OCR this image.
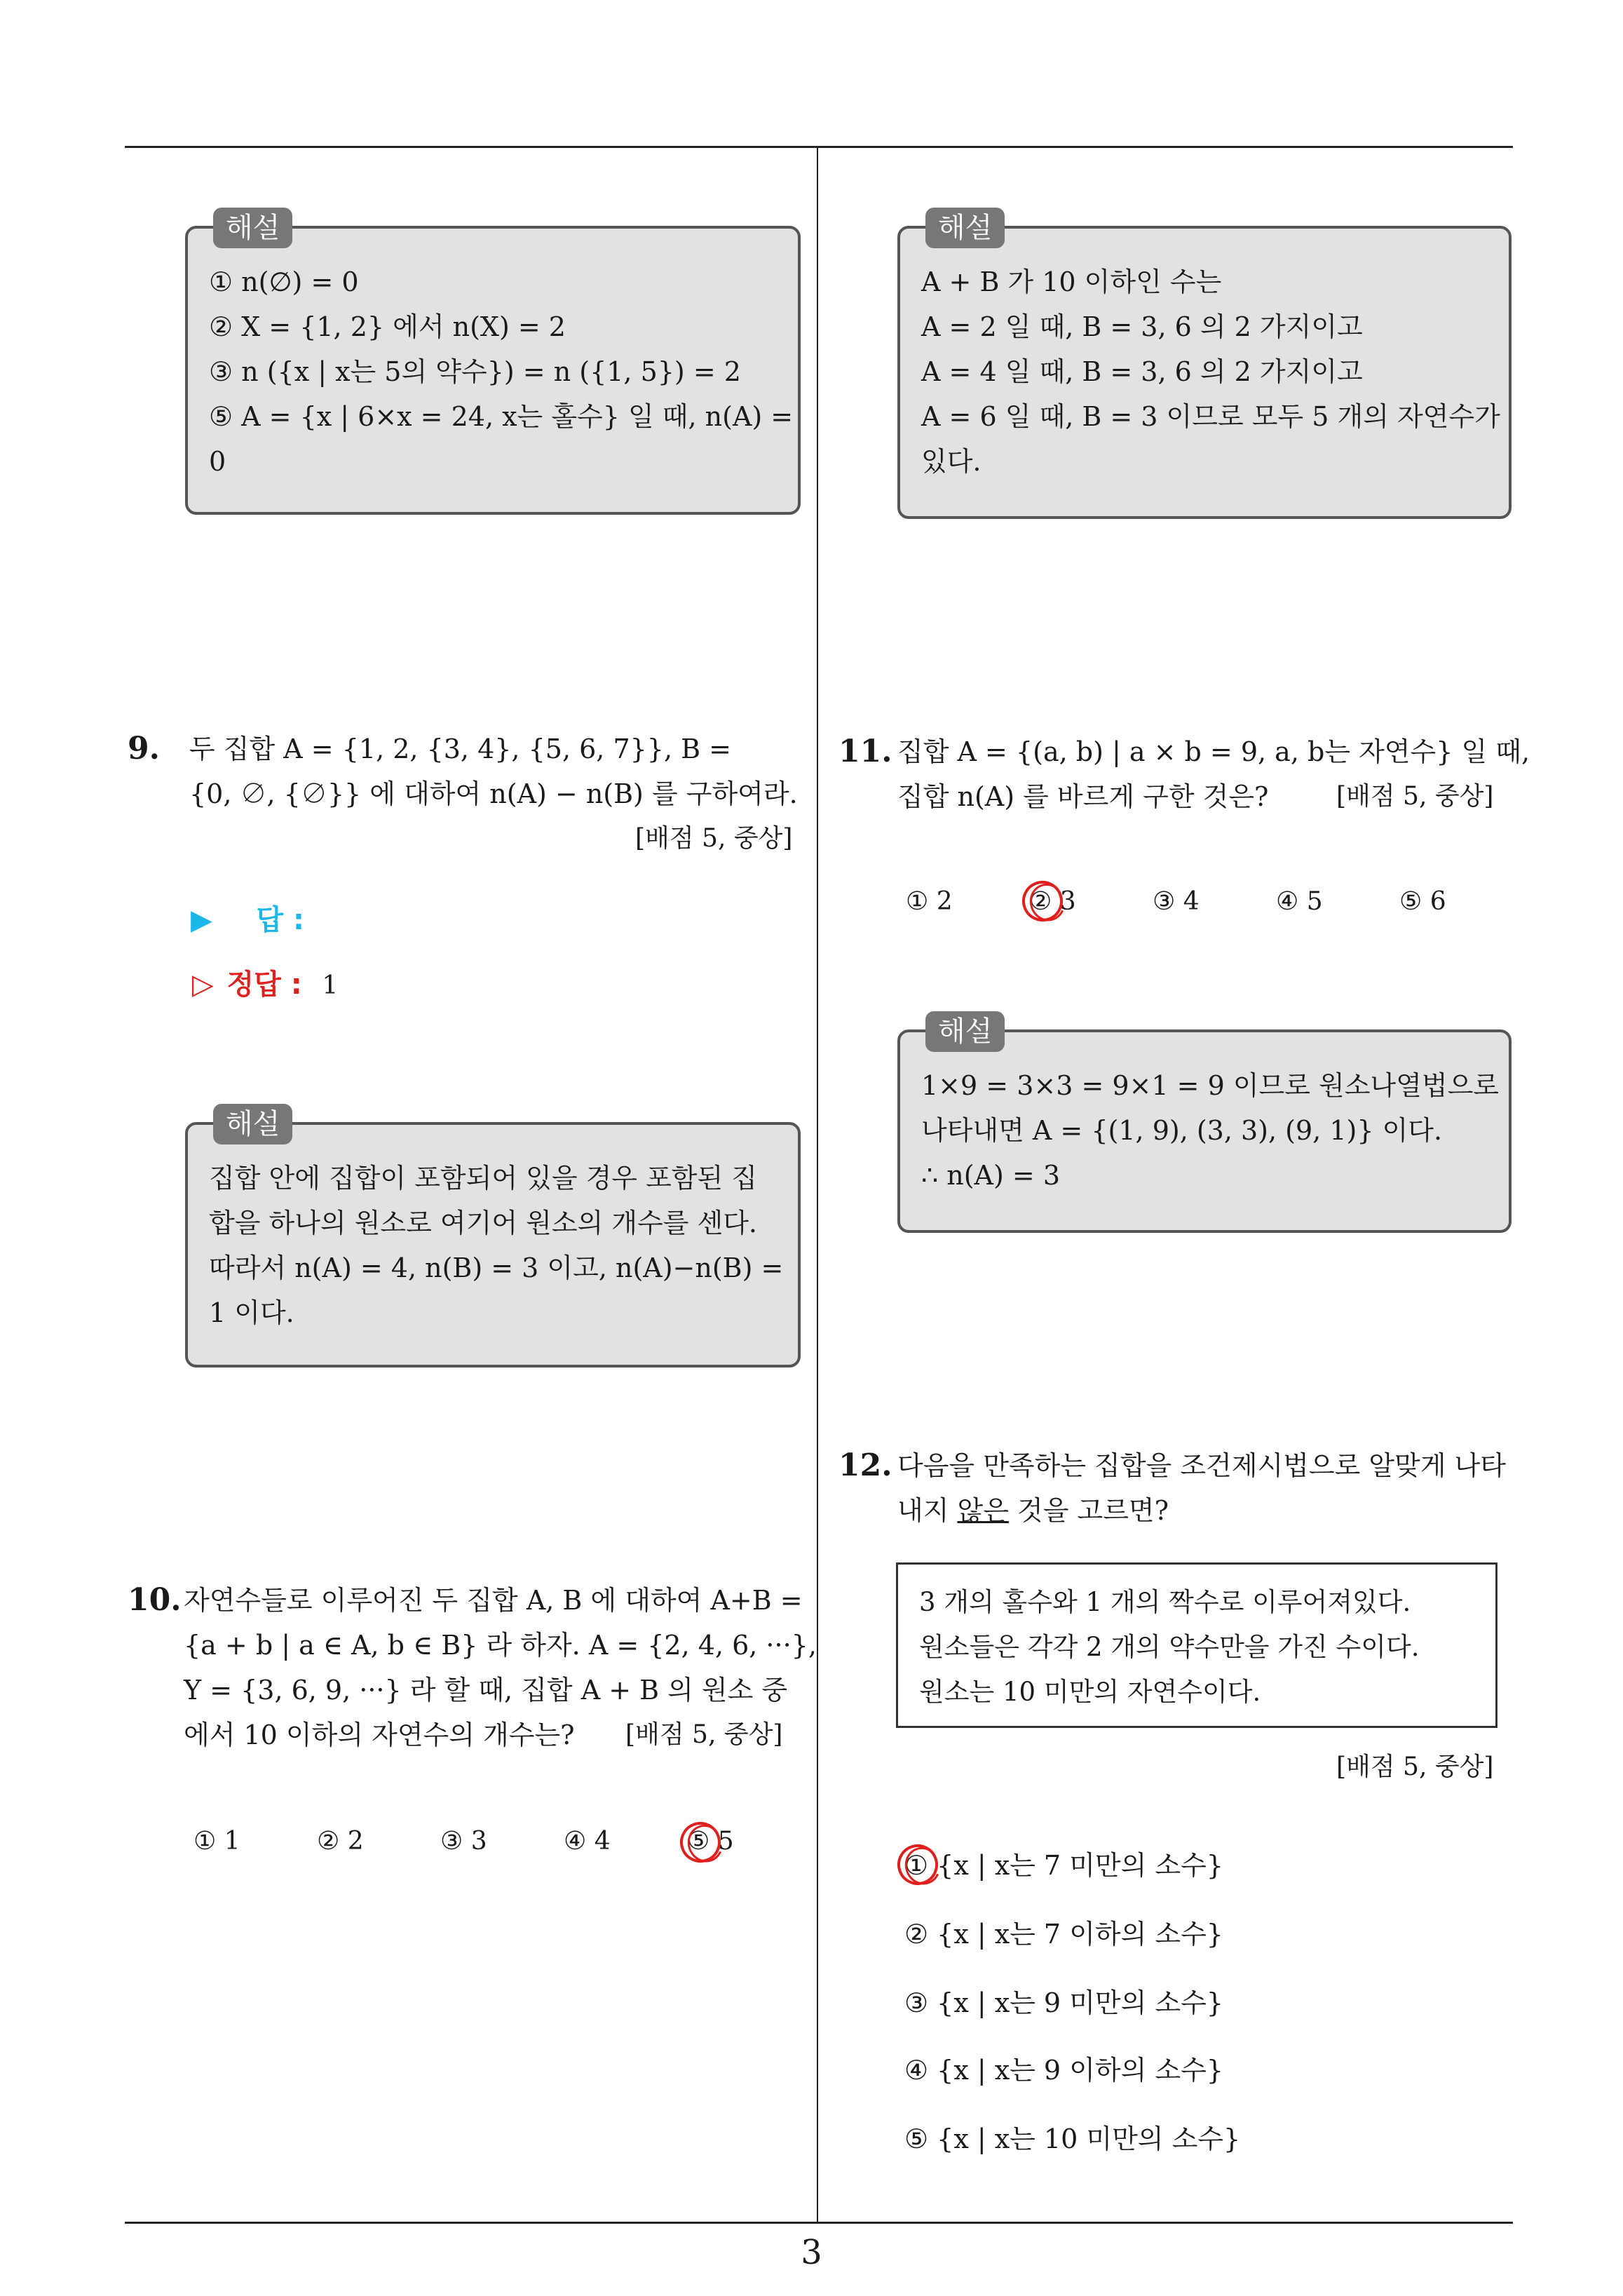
해설
① n(∅) = 0
② X = {1, 2} 에서 n(X) = 2
③ n ({x | x는 5의 약수}) = n ({1, 5}) = 2
⑤ A = {x | 6×x = 24, x는 홀수} 일 때, n(A) =
0
9. 두 집합 A = {1, 2, {3, 4}, {5, 6, 7}}, B =
{0, ∅, {∅}} 에 대하여 n(A) − n(B) 를 구하여라.
[배점 5, 중상]
▶ 답 :
▷ 정답 : 1
해설
집합 안에 집합이 포함되어 있을 경우 포함된 집
합을 하나의 원소로 여기어 원소의 개수를 센다.
따라서 n(A) = 4, n(B) = 3 이고, n(A)−n(B) =
1 이다.
10. 자연수들로 이루어진 두 집합 A, B 에 대하여 A+B =
{a + b | a ∈ A, b ∈ B} 라 하자. A = {2, 4, 6, ···},
Y = {3, 6, 9, ···} 라 할 때, 집합 A + B 의 원소 중
에서 10 이하의 자연수의 개수는?	[배점 5, 중상]
① 1	② 2	③ 3	④ 4	⑤ 5
해설
A + B 가 10 이하인 수는
A = 2 일 때, B = 3, 6 의 2 가지이고
A = 4 일 때, B = 3, 6 의 2 가지이고
A = 6 일 때, B = 3 이므로 모두 5 개의 자연수가
있다.
11. 집합 A = {(a, b) | a × b = 9, a, b는 자연수} 일 때,
집합 n(A) 를 바르게 구한 것은?	[배점 5, 중상]
① 2	② 3	③ 4	④ 5	⑤ 6
해설
1×9 = 3×3 = 9×1 = 9 이므로 원소나열법으로
나타내면 A = {(1, 9), (3, 3), (9, 1)} 이다.
∴ n(A) = 3
12. 다음을 만족하는 집합을 조건제시법으로 알맞게 나타
내지 않은 것을 고르면?
3 개의 홀수와 1 개의 짝수로 이루어져있다.
원소들은 각각 2 개의 약수만을 가진 수이다.
원소는 10 미만의 자연수이다.
[배점 5, 중상]
① {x | x는 7 미만의 소수}
② {x | x는 7 이하의 소수}
③ {x | x는 9 미만의 소수}
④ {x | x는 9 이하의 소수}
⑤ {x | x는 10 미만의 소수}
3
